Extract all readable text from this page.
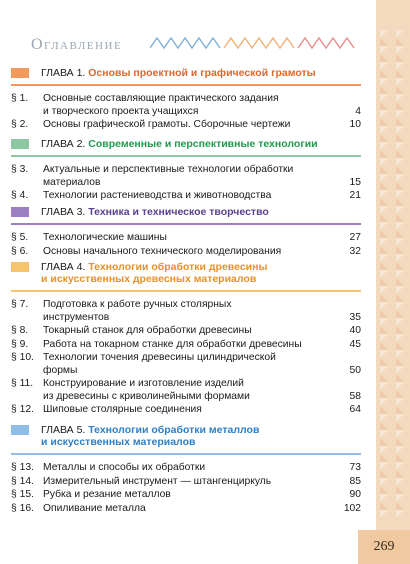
Оглавление
ГЛАВА 1. Основы проектной и графической грамоты
§ 1. Основные составляющие практического задания
и творческого проекта учащихся	4
§ 2. Основы графической грамоты. Сборочные чертежи	10
ГЛАВА 2. Современные и перспективные технологии
§ 3. Актуальные и перспективные технологии обработки
материалов	15
§ 4. Технологии растениеводства и животноводства	21
ГЛАВА 3. Техника и техническое творчество
§ 5. Технологические машины	27
§ 6. Основы начального технического моделирования	32
ГЛАВА 4. Технологии обработки древесины
и искусственных древесных материалов
§ 7. Подготовка к работе ручных столярных
инструментов	35
§ 8. Токарный станок для обработки древесины	40
§ 9. Работа на токарном станке для обработки древесины	45
§ 10. Технологии точения древесины цилиндрической
формы	50
§ 11. Конструирование и изготовление изделий
из древесины с криволинейными формами	58
§ 12. Шиповые столярные соединения	64
ГЛАВА 5. Технологии обработки металлов
и искусственных материалов
§ 13. Металлы и способы их обработки	73
§ 14. Измерительный инструмент — штангенциркуль	85
§ 15. Рубка и резание металлов	90
§ 16. Опиливание металла	102
269
